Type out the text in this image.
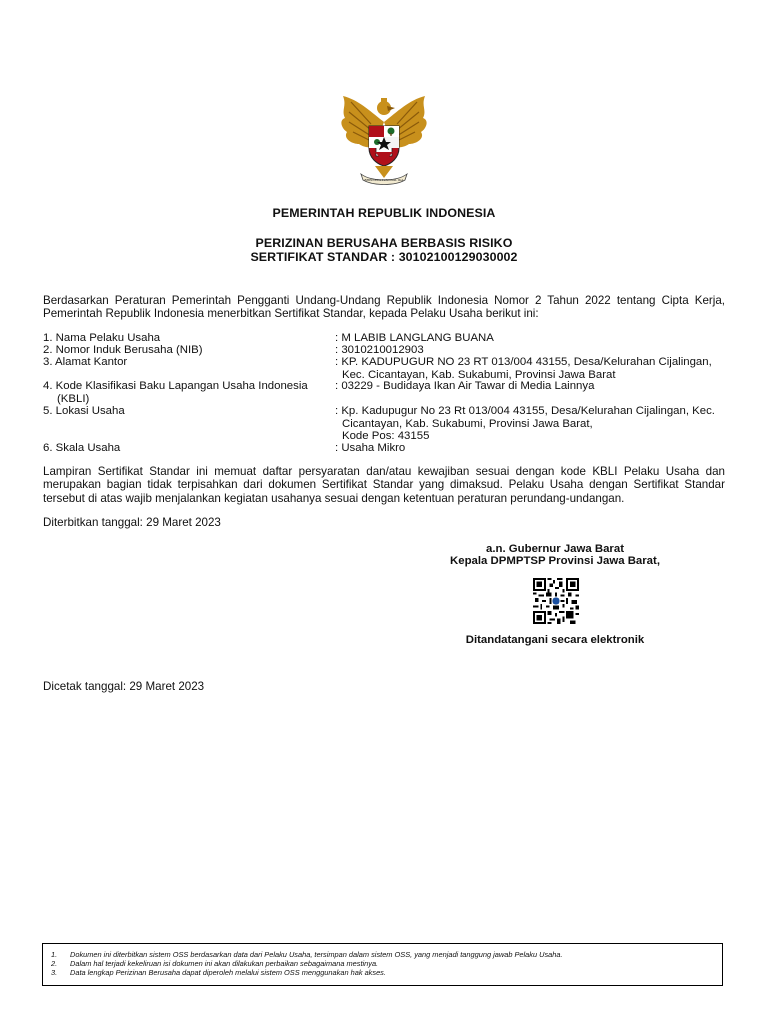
BHINNEKA TUNGGAL IKA
PEMERINTAH REPUBLIK INDONESIA
PERIZINAN BERUSAHA BERBASIS RISIKO
SERTIFIKAT STANDAR : 30102100129030002
Berdasarkan Peraturan Pemerintah Pengganti Undang-Undang Republik Indonesia Nomor 2 Tahun 2022 tentang Cipta Kerja, Pemerintah Republik Indonesia menerbitkan Sertifikat Standar, kepada Pelaku Usaha berikut ini:
1. Nama Pelaku Usaha	: M LABIB LANGLANG BUANA
2. Nomor Induk Berusaha (NIB)	: 3010210012903
3. Alamat Kantor	: KP. KADUPUGUR NO 23 RT 013/004 43155, Desa/Kelurahan Cijalingan,
Kec. Cicantayan, Kab. Sukabumi, Provinsi Jawa Barat
4. Kode Klasifikasi Baku Lapangan Usaha Indonesia
(KBLI)
: 03229 - Budidaya Ikan Air Tawar di Media Lainnya
5. Lokasi Usaha	: Kp. Kadupugur No 23 Rt 013/004 43155, Desa/Kelurahan Cijalingan, Kec.
Cicantayan, Kab. Sukabumi, Provinsi Jawa Barat,
Kode Pos: 43155
6. Skala Usaha	: Usaha Mikro
Lampiran Sertifikat Standar ini memuat daftar persyaratan dan/atau kewajiban sesuai dengan kode KBLI Pelaku Usaha dan merupakan bagian tidak terpisahkan dari dokumen Sertifikat Standar yang dimaksud. Pelaku Usaha dengan Sertifikat Standar tersebut di atas wajib menjalankan kegiatan usahanya sesuai dengan ketentuan peraturan perundang-undangan.
Diterbitkan tanggal: 29 Maret 2023
a.n. Gubernur Jawa Barat
Kepala DPMPTSP Provinsi Jawa Barat,
Ditandatangani secara elektronik
Dicetak tanggal: 29 Maret 2023
1. Dokumen ini diterbitkan sistem OSS berdasarkan data dari Pelaku Usaha, tersimpan dalam sistem OSS, yang menjadi tanggung jawab Pelaku Usaha.
2. Dalam hal terjadi kekeliruan isi dokumen ini akan dilakukan perbaikan sebagaimana mestinya.
3. Data lengkap Perizinan Berusaha dapat diperoleh melalui sistem OSS menggunakan hak akses.
